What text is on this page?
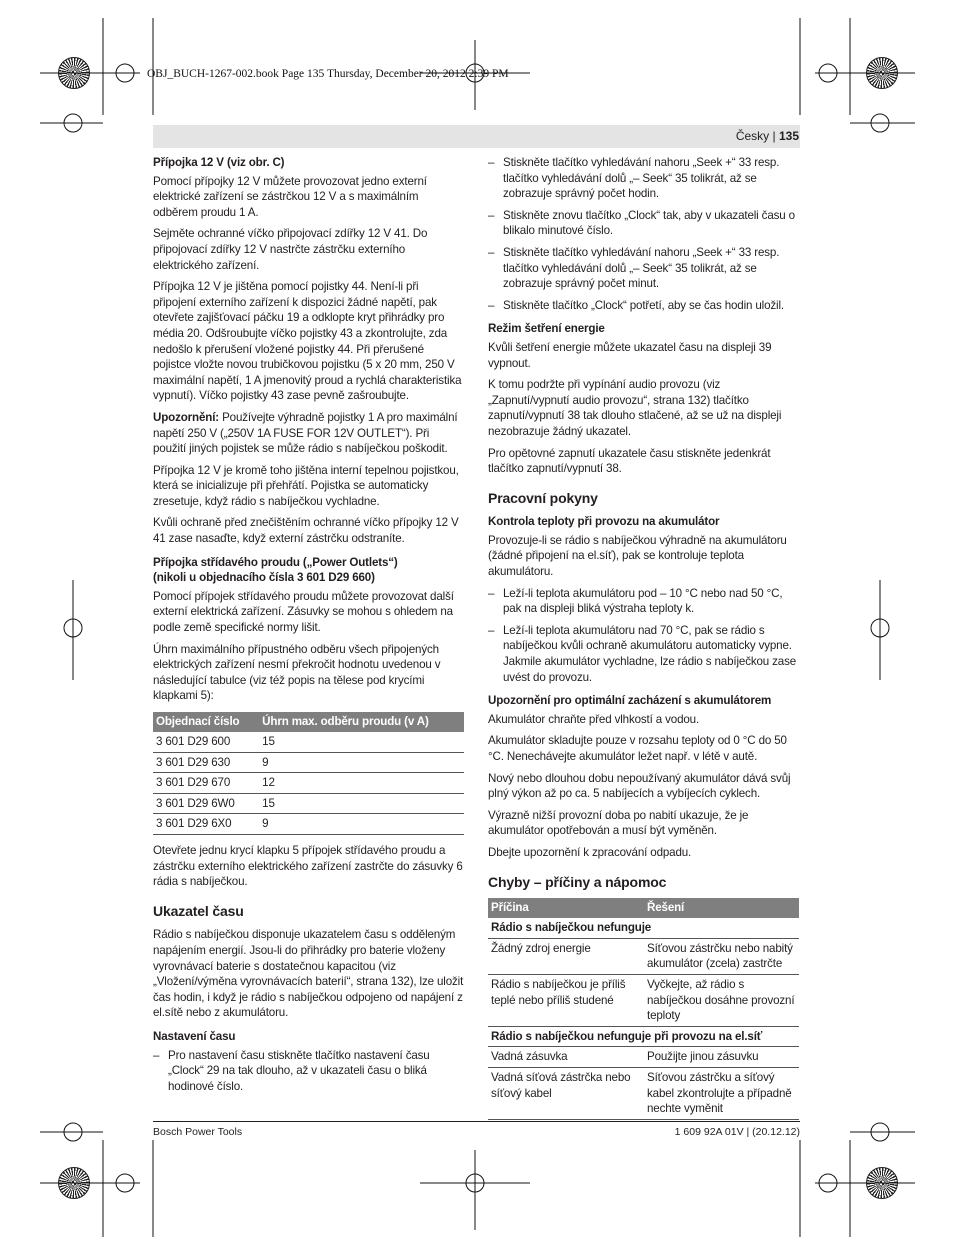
OBJ_BUCH-1267-002.book Page 135 Thursday, December 20, 2012 2:39 PM
Česky | 135
Přípojka 12 V (viz obr. C)

Pomocí přípojky 12 V můžete provozovat jedno externí elektrické zařízení se zástrčkou 12 V a s maximálním odběrem proudu 1 A.

Sejměte ochranné víčko připojovací zdířky 12 V 41. Do připojovací zdířky 12 V nastrčte zástrčku externího elektrického zařízení.

Přípojka 12 V je jištěna pomocí pojistky 44. Není-li při připojení externího zařízení k dispozici žádné napětí, pak otevřete zajišťovací páčku 19 a odklopte kryt přihrádky pro média 20. Odšroubujte víčko pojistky 43 a zkontrolujte, zda nedošlo k přerušení vložené pojistky 44. Při přerušené pojistce vložte novou trubičkovou pojistku (5 x 20 mm, 250 V maximální napětí, 1 A jmenovitý proud a rychlá charakteristika vypnutí). Víčko pojistky 43 zase pevně zašroubujte.

Upozornění: Používejte výhradně pojistky 1 A pro maximální napětí 250 V („250V 1A FUSE FOR 12V OUTLET“). Při použití jiných pojistek se může rádio s nabíječkou poškodit.

Přípojka 12 V je kromě toho jištěna interní tepelnou pojistkou, která se inicializuje při přehřátí. Pojistka se automaticky zresetuje, když rádio s nabíječkou vychladne.

Kvůli ochraně před znečištěním ochranné víčko přípojky 12 V 41 zase nasaďte, když externí zástrčku odstraníte.

Přípojka střídavého proudu („Power Outlets“)
(nikoli u objednacího čísla 3 601 D29 660)

Pomocí přípojek střídavého proudu můžete provozovat další externí elektrická zařízení. Zásuvky se mohou s ohledem na podle země specifické normy lišit.

Úhrn maximálního přípustného odběru všech připojených elektrických zařízení nesmí překročit hodnotu uvedenou v následující tabulce (viz též popis na tělese pod krycími klapkami 5):

Objednací číslo	Úhrn max. odběru proudu (v A)
3 601 D29 600	15
3 601 D29 630	9
3 601 D29 670	12
3 601 D29 6W0	15
3 601 D29 6X0	9

Otevřete jednu krycí klapku 5 přípojek střídavého proudu a zástrčku externího elektrického zařízení zastrčte do zásuvky 6 rádia s nabíječkou.

Ukazatel času

Rádio s nabíječkou disponuje ukazatelem času s odděleným napájením energií. Jsou-li do přihrádky pro baterie vloženy vyrovnávací baterie s dostatečnou kapacitou (viz „Vložení/výměna vyrovnávacích baterií“, strana 132), lze uložit čas hodin, i když je rádio s nabíječkou odpojeno od napájení z el.sítě nebo z akumulátoru.

Nastavení času

– Pro nastavení času stiskněte tlačítko nastavení času „Clock“ 29 na tak dlouho, až v ukazateli času o bliká hodinové číslo.

– Stiskněte tlačítko vyhledávání nahoru „Seek +“ 33 resp. tlačítko vyhledávání dolů „– Seek“ 35 tolikrát, až se zobrazuje správný počet hodin.

– Stiskněte znovu tlačítko „Clock“ tak, aby v ukazateli času o blikalo minutové číslo.

– Stiskněte tlačítko vyhledávání nahoru „Seek +“ 33 resp. tlačítko vyhledávání dolů „– Seek“ 35 tolikrát, až se zobrazuje správný počet minut.

– Stiskněte tlačítko „Clock“ potřetí, aby se čas hodin uložil.

Režim šetření energie

Kvůli šetření energie můžete ukazatel času na displeji 39 vypnout.

K tomu podržte při vypínání audio provozu (viz „Zapnutí/vypnutí audio provozu“, strana 132) tlačítko zapnutí/vypnutí 38 tak dlouho stlačené, až se už na displeji nezobrazuje žádný ukazatel.

Pro opětovné zapnutí ukazatele času stiskněte jedenkrát tlačítko zapnutí/vypnutí 38.

Pracovní pokyny
Kontrola teploty při provozu na akumulátor

Provozuje-li se rádio s nabíječkou výhradně na akumulátoru (žádné připojení na el.síť), pak se kontroluje teplota akumulátoru.

– Leží-li teplota akumulátoru pod – 10 °C nebo nad 50 °C, pak na displeji bliká výstraha teploty k.

– Leží-li teplota akumulátoru nad 70 °C, pak se rádio s nabíječkou kvůli ochraně akumulátoru automaticky vypne. Jakmile akumulátor vychladne, lze rádio s nabíječkou zase uvést do provozu.

Upozornění pro optimální zacházení s akumulátorem

Akumulátor chraňte před vlhkostí a vodou.

Akumulátor skladujte pouze v rozsahu teploty od 0 °C do 50 °C. Nenechávejte akumulátor ležet např. v létě v autě.

Nový nebo dlouhou dobu nepoužívaný akumulátor dává svůj plný výkon až po ca. 5 nabíjecích a vybíjecích cyklech.

Výrazně nižší provozní doba po nabití ukazuje, že je akumulátor opotřebován a musí být vyměněn.

Dbejte upozornění k zpracování odpadu.

Chyby – příčiny a nápomoc
Příčina	Řešení
Rádio s nabíječkou nefunguje	
Žádný zdroj energie	Síťovou zástrčku nebo nabitý akumulátor (zcela) zastrčte
Rádio s nabíječkou je příliš teplé nebo příliš studené	Vyčkejte, až rádio s nabíječkou dosáhne provozní teploty
Rádio s nabíječkou nefunguje při provozu na el.síť	
Vadná zásuvka	Použijte jinou zásuvku
Vadná síťová zástrčka nebo síťový kabel	Síťovou zástrčku a síťový kabel zkontrolujte a případně nechte vyměnit
Bosch Power Tools	1 609 92A 01V | (20.12.12)
